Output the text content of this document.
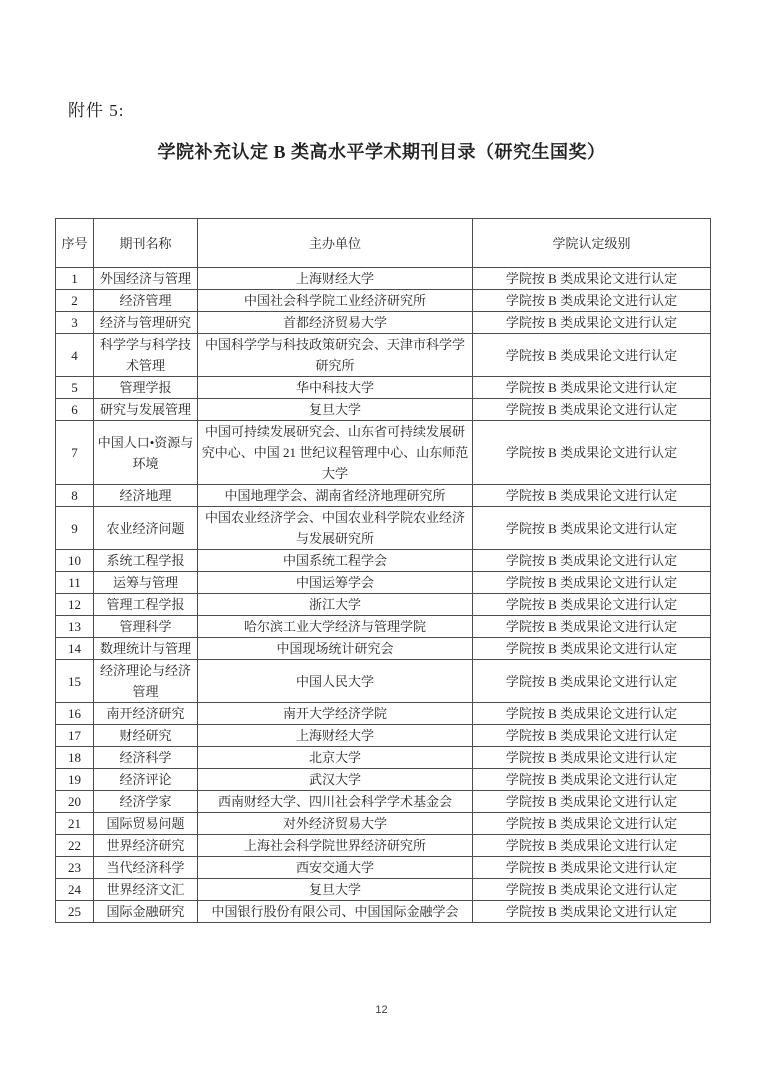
附件 5:
学院补充认定 B 类高水平学术期刊目录（研究生国奖）
序号	期刊名称	主办单位	学院认定级别
1	外国经济与管理	上海财经大学	学院按 B 类成果论文进行认定
2	经济管理	中国社会科学院工业经济研究所	学院按 B 类成果论文进行认定
3	经济与管理研究	首都经济贸易大学	学院按 B 类成果论文进行认定
4	科学学与科学技术管理	中国科学学与科技政策研究会、天津市科学学研究所	学院按 B 类成果论文进行认定
5	管理学报	华中科技大学	学院按 B 类成果论文进行认定
6	研究与发展管理	复旦大学	学院按 B 类成果论文进行认定
7	中国人口•资源与环境	中国可持续发展研究会、山东省可持续发展研究中心、中国 21 世纪议程管理中心、山东师范大学	学院按 B 类成果论文进行认定
8	经济地理	中国地理学会、湖南省经济地理研究所	学院按 B 类成果论文进行认定
9	农业经济问题	中国农业经济学会、中国农业科学院农业经济与发展研究所	学院按 B 类成果论文进行认定
10	系统工程学报	中国系统工程学会	学院按 B 类成果论文进行认定
11	运筹与管理	中国运筹学会	学院按 B 类成果论文进行认定
12	管理工程学报	浙江大学	学院按 B 类成果论文进行认定
13	管理科学	哈尔滨工业大学经济与管理学院	学院按 B 类成果论文进行认定
14	数理统计与管理	中国现场统计研究会	学院按 B 类成果论文进行认定
15	经济理论与经济管理	中国人民大学	学院按 B 类成果论文进行认定
16	南开经济研究	南开大学经济学院	学院按 B 类成果论文进行认定
17	财经研究	上海财经大学	学院按 B 类成果论文进行认定
18	经济科学	北京大学	学院按 B 类成果论文进行认定
19	经济评论	武汉大学	学院按 B 类成果论文进行认定
20	经济学家	西南财经大学、四川社会科学学术基金会	学院按 B 类成果论文进行认定
21	国际贸易问题	对外经济贸易大学	学院按 B 类成果论文进行认定
22	世界经济研究	上海社会科学院世界经济研究所	学院按 B 类成果论文进行认定
23	当代经济科学	西安交通大学	学院按 B 类成果论文进行认定
24	世界经济文汇	复旦大学	学院按 B 类成果论文进行认定
25	国际金融研究	中国银行股份有限公司、中国国际金融学会	学院按 B 类成果论文进行认定
12
